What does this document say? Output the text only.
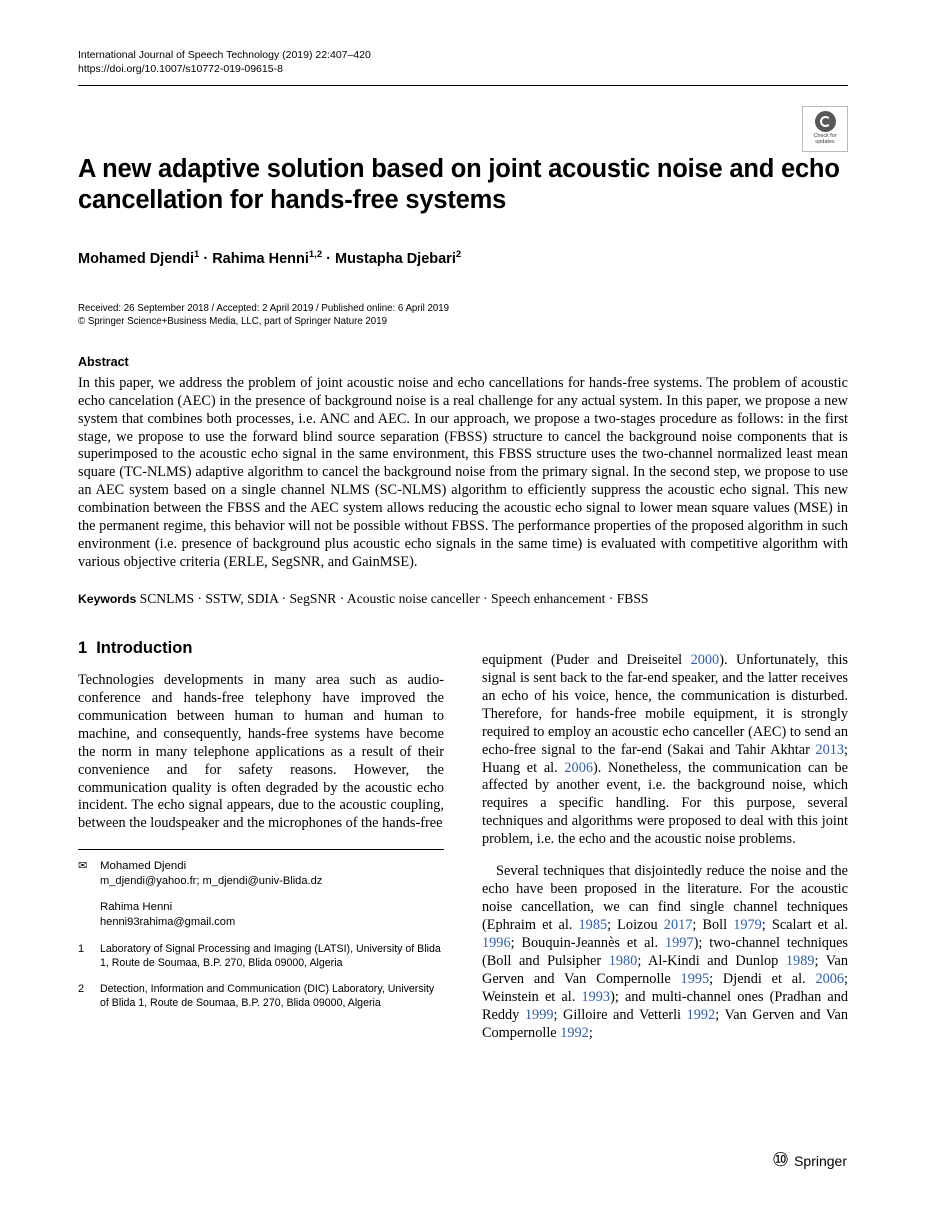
International Journal of Speech Technology (2019) 22:407–420
https://doi.org/10.1007/s10772-019-09615-8
Check for
updates
A new adaptive solution based on joint acoustic noise and echo cancellation for hands-free systems
Mohamed Djendi$^1$ · Rahima Henni$^{1,2}$ · Mustapha Djebari$^2$
Received: 26 September 2018 / Accepted: 2 April 2019 / Published online: 6 April 2019
© Springer Science+Business Media, LLC, part of Springer Nature 2019
Abstract
In this paper, we address the problem of joint acoustic noise and echo cancellations for hands-free systems. The problem of acoustic echo cancelation (AEC) in the presence of background noise is a real challenge for any actual system. In this paper, we propose a new system that combines both processes, i.e. ANC and AEC. In our approach, we propose a two-stages procedure as follows: in the first stage, we propose to use the forward blind source separation (FBSS) structure to cancel the background noise components that is superimposed to the acoustic echo signal in the same environment, this FBSS structure uses the two-channel normalized least mean square (TC-NLMS) adaptive algorithm to cancel the background noise from the primary signal. In the second step, we propose to use an AEC system based on a single channel NLMS (SC-NLMS) algorithm to efficiently suppress the acoustic echo signal. This new combination between the FBSS and the AEC system allows reducing the acoustic echo signal to lower mean square values (MSE) in the permanent regime, this behavior will not be possible without FBSS. The performance properties of the proposed algorithm in such environment (i.e. presence of background plus acoustic echo signals in the same time) is evaluated with competitive algorithm with various objective criteria (ERLE, SegSNR, and GainMSE).
Keywords SCNLMS · SSTW, SDIA · SegSNR · Acoustic noise canceller · Speech enhancement · FBSS
1 Introduction

Technologies developments in many area such as audio-conference and hands-free telephony have improved the communication between human to human and human to machine, and consequently, hands-free systems have become the norm in many telephone applications as a result of their convenience and for safety reasons. However, the communication quality is often degraded by the acoustic echo incident. The echo signal appears, due to the acoustic coupling, between the loudspeaker and the microphones of the hands-free

✉	Mohamed Djendi
m_djendi@yahoo.fr; m_djendi@univ-Blida.dz
Rahima Henni
henni93rahima@gmail.com
1	Laboratory of Signal Processing and Imaging (LATSI), University of Blida 1, Route de Soumaa, B.P. 270, Blida 09000, Algeria
2	Detection, Information and Communication (DIC) Laboratory, University of Blida 1, Route de Soumaa, B.P. 270, Blida 09000, Algeria

equipment (Puder and Dreiseitel 2000). Unfortunately, this signal is sent back to the far-end speaker, and the latter receives an echo of his voice, hence, the communication is disturbed. Therefore, for hands-free mobile equipment, it is strongly required to employ an acoustic echo canceller (AEC) to send an echo-free signal to the far-end (Sakai and Tahir Akhtar 2013; Huang et al. 2006). Nonetheless, the communication can be affected by another event, i.e. the background noise, which requires a specific handling. For this purpose, several techniques and algorithms were proposed to deal with this joint problem, i.e. the echo and the acoustic noise problems.

Several techniques that disjointedly reduce the noise and the echo have been proposed in the literature. For the acoustic noise cancellation, we can find single channel techniques (Ephraim et al. 1985; Loizou 2017; Boll 1979; Scalart et al. 1996; Bouquin-Jeannès et al. 1997); two-channel techniques (Boll and Pulsipher 1980; Al-Kindi and Dunlop 1989; Van Gerven and Van Compernolle 1995; Djendi et al. 2006; Weinstein et al. 1993); and multi-channel ones (Pradhan and Reddy 1999; Gilloire and Vetterli 1992; Van Gerven and Van Compernolle 1992;

⑩ Springer
